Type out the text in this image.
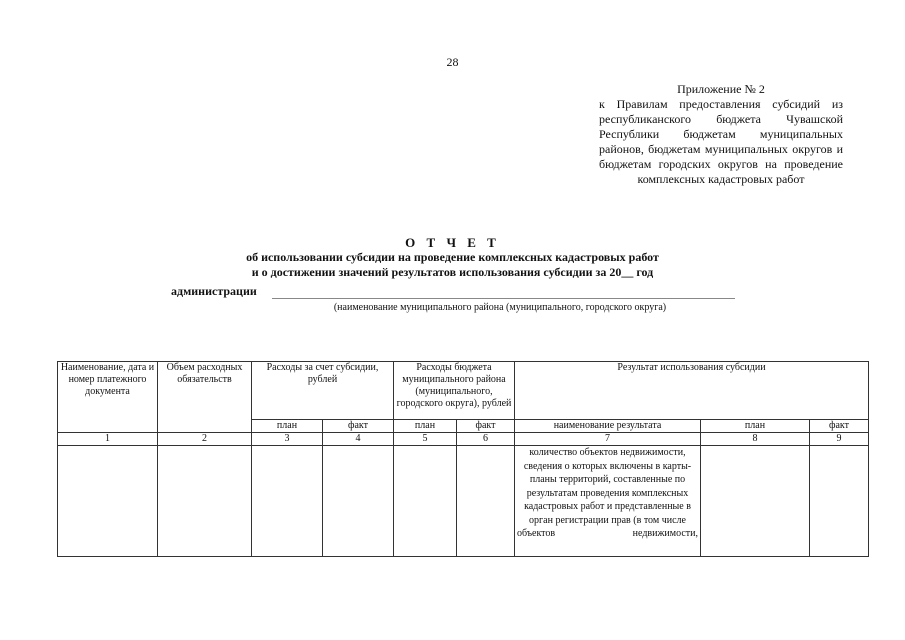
28
Приложение № 2
к Правилам предоставления субсидий из республиканского бюджета Чувашской Республики бюджетам муниципальных районов, бюджетам муниципальных округов и бюджетам городских округов на проведение комплексных кадастровых работ
О Т Ч Е Т
об использовании субсидии на проведение комплексных кадастровых работ
и о достижении значений результатов использования субсидии за 20__ год
администрации
(наименование муниципального района (муниципального, городского округа)
Наименование, дата и номер платежного документа	Объем расходных обязательств	Расходы за счет субсидии, рублей		Расходы бюджета муниципального района (муниципального, городского округа), рублей		Результат использования субсидии		
		план	факт	план	факт	наименование результата	план	факт
1	2	3	4	5	6	7	8	9
						количество объектов недвижимости, сведения о которых включены в карты-планы территорий, составленные по результатам проведения комплексных кадастровых работ и представленные в орган регистрации прав (в том числе объектов недвижимости,		
